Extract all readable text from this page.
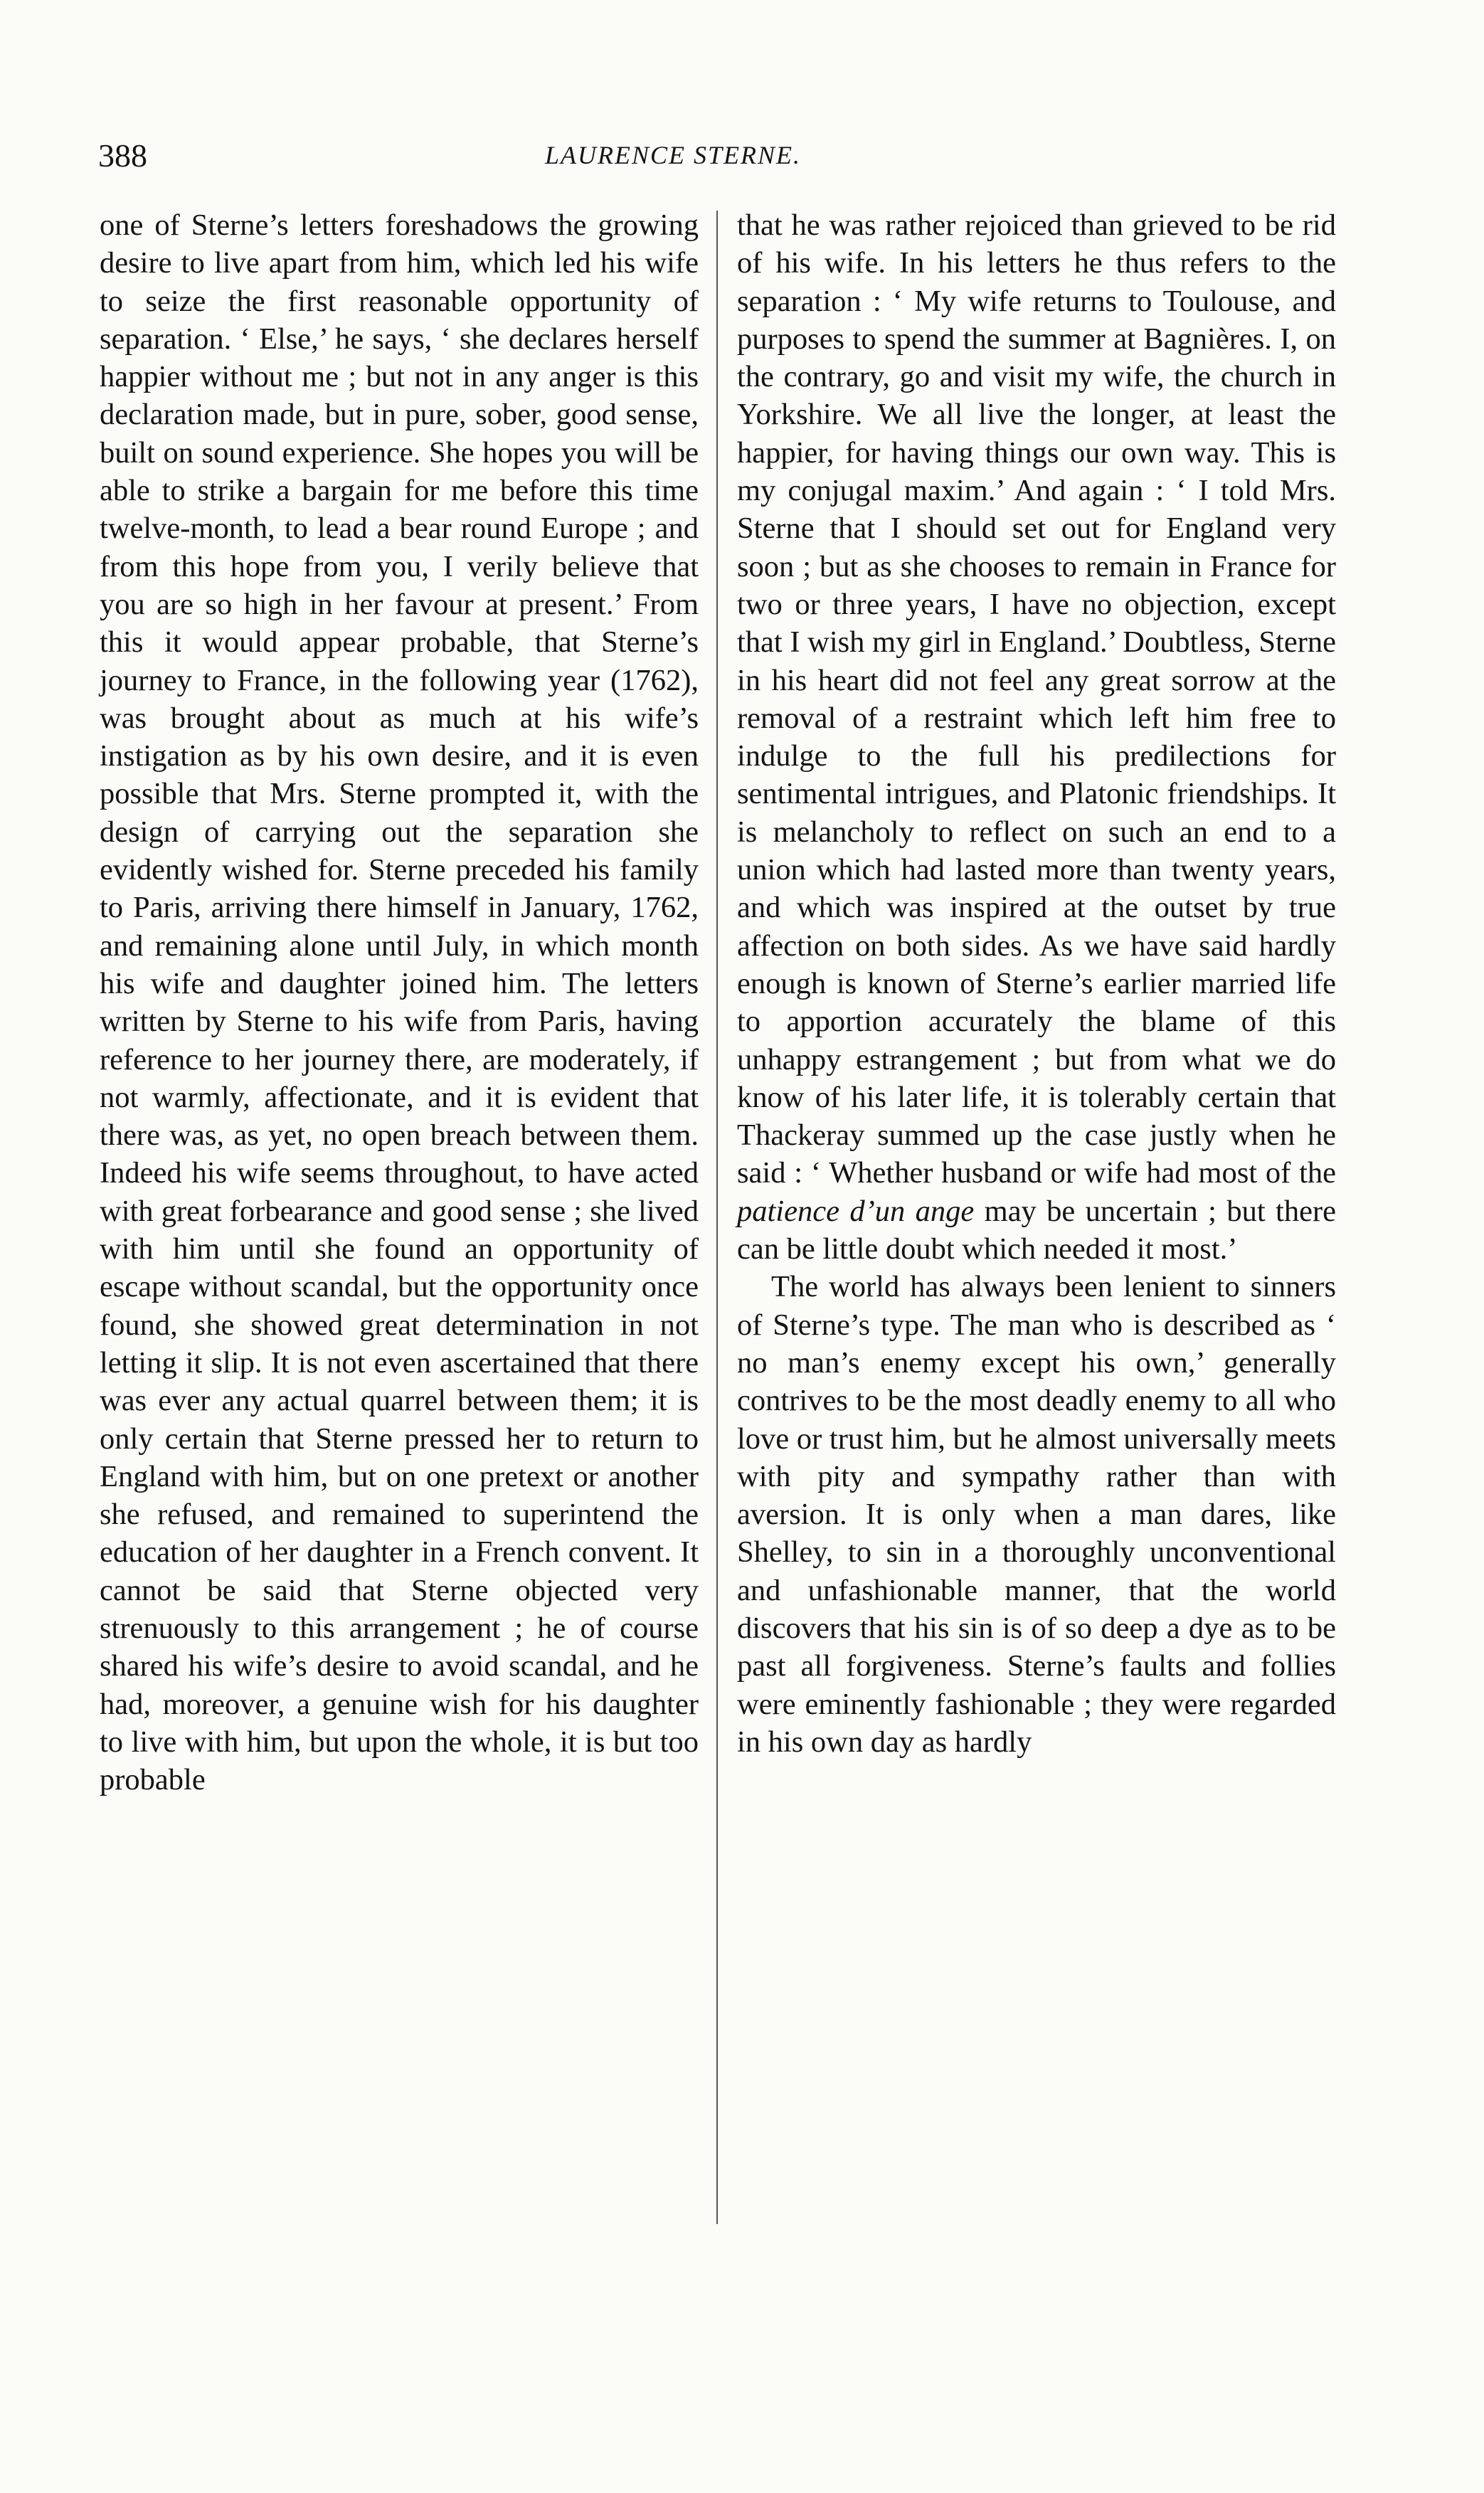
388	LAURENCE STERNE.

one of Sterne’s letters foreshadows the growing desire to live apart from him, which led his wife to seize the first reasonable opportunity of separation. ‘ Else,’ he says, ‘ she declares herself happier without me ; but not in any anger is this declaration made, but in pure, sober, good sense, built on sound experience. She hopes you will be able to strike a bargain for me before this time twelve-month, to lead a bear round Europe ; and from this hope from you, I verily believe that you are so high in her favour at present.’ From this it would appear probable, that Sterne’s journey to France, in the following year (1762), was brought about as much at his wife’s instigation as by his own desire, and it is even possible that Mrs. Sterne prompted it, with the design of carrying out the separation she evidently wished for. Sterne preceded his family to Paris, arriving there himself in January, 1762, and remaining alone until July, in which month his wife and daughter joined him. The letters written by Sterne to his wife from Paris, having reference to her journey there, are moderately, if not warmly, affectionate, and it is evident that there was, as yet, no open breach between them. Indeed his wife seems throughout, to have acted with great forbearance and good sense ; she lived with him until she found an opportunity of escape without scandal, but the opportunity once found, she showed great determination in not letting it slip. It is not even ascertained that there was ever any actual quarrel between them; it is only certain that Sterne pressed her to return to England with him, but on one pretext or another she refused, and remained to superintend the education of her daughter in a French convent. It cannot be said that Sterne objected very strenuously to this arrangement ; he of course shared his wife’s desire to avoid scandal, and he had, moreover, a genuine wish for his daughter to live with him, but upon the whole, it is but too probable

that he was rather rejoiced than grieved to be rid of his wife. In his letters he thus refers to the separation : ‘ My wife returns to Toulouse, and purposes to spend the summer at Bagnières. I, on the contrary, go and visit my wife, the church in Yorkshire. We all live the longer, at least the happier, for having things our own way. This is my conjugal maxim.’ And again : ‘ I told Mrs. Sterne that I should set out for England very soon ; but as she chooses to remain in France for two or three years, I have no objection, except that I wish my girl in England.’ Doubtless, Sterne in his heart did not feel any great sorrow at the removal of a restraint which left him free to indulge to the full his predilections for sentimental intrigues, and Platonic friendships. It is melancholy to reflect on such an end to a union which had lasted more than twenty years, and which was inspired at the outset by true affection on both sides. As we have said hardly enough is known of Sterne’s earlier married life to apportion accurately the blame of this unhappy estrangement ; but from what we do know of his later life, it is tolerably certain that Thackeray summed up the case justly when he said : ‘ Whether husband or wife had most of the patience d’un ange may be uncertain ; but there can be little doubt which needed it most.’

The world has always been lenient to sinners of Sterne’s type. The man who is described as ‘ no man’s enemy except his own,’ generally contrives to be the most deadly enemy to all who love or trust him, but he almost universally meets with pity and sympathy rather than with aversion. It is only when a man dares, like Shelley, to sin in a thoroughly unconventional and unfashionable manner, that the world discovers that his sin is of so deep a dye as to be past all forgiveness. Sterne’s faults and follies were eminently fashionable ; they were regarded in his own day as hardly
